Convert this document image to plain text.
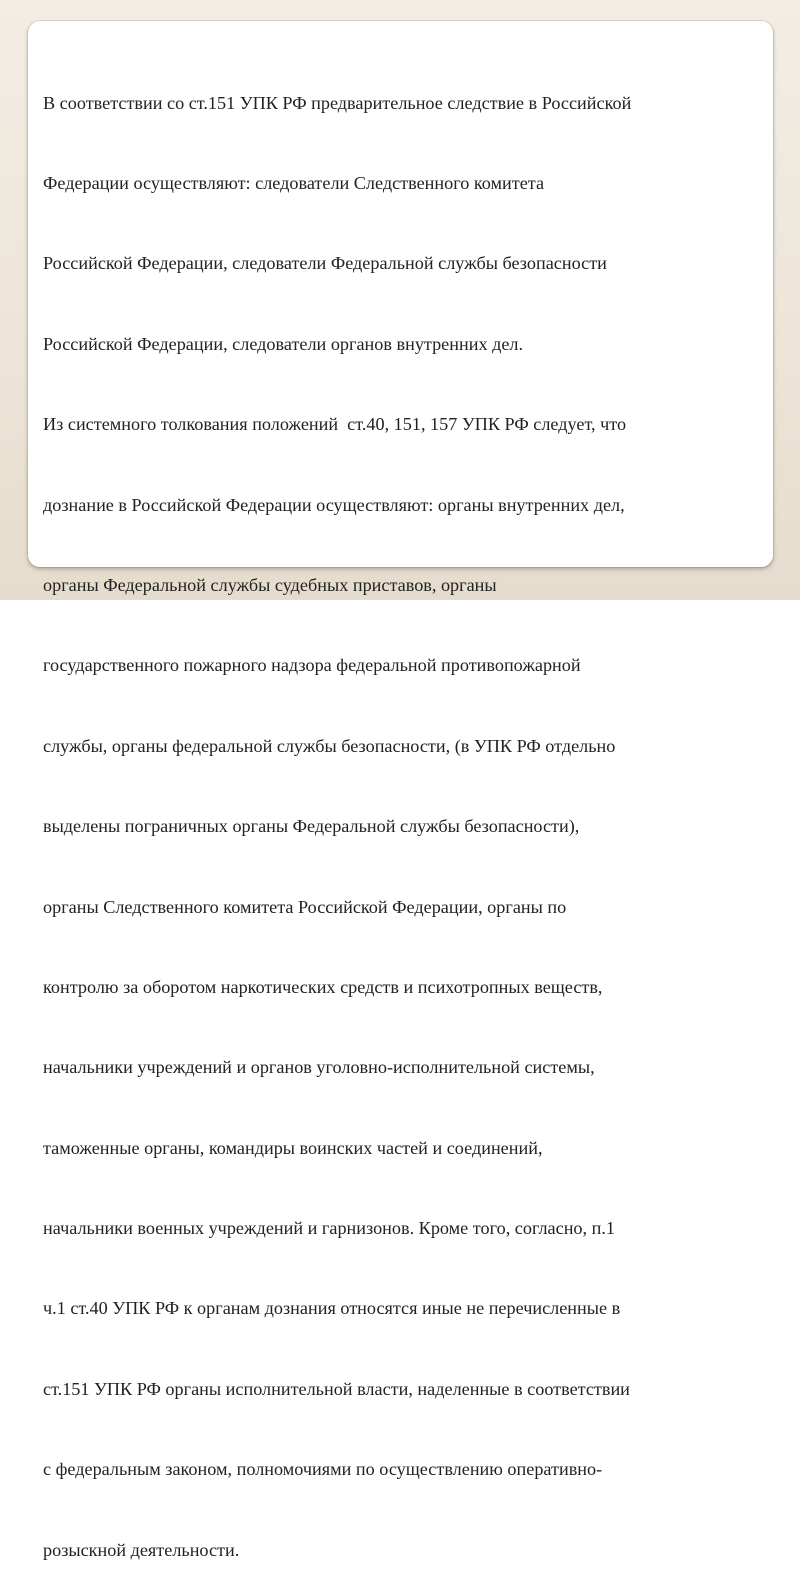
В соответствии со ст.151 УПК РФ предварительное следствие в Российской

Федерации осуществляют: следователи Следственного комитета

Российской Федерации, следователи Федеральной службы безопасности

Российской Федерации, следователи органов внутренних дел.

Из системного толкования положений  ст.40, 151, 157 УПК РФ следует, что

дознание в Российской Федерации осуществляют: органы внутренних дел,

органы Федеральной службы судебных приставов, органы

государственного пожарного надзора федеральной противопожарной

службы, органы федеральной службы безопасности, (в УПК РФ отдельно

выделены пограничных органы Федеральной службы безопасности),

органы Следственного комитета Российской Федерации, органы по

контролю за оборотом наркотических средств и психотропных веществ,

начальники учреждений и органов уголовно-исполнительной системы,

таможенные органы, командиры воинских частей и соединений,

начальники военных учреждений и гарнизонов. Кроме того, согласно, п.1

ч.1 ст.40 УПК РФ к органам дознания относятся иные не перечисленные в

ст.151 УПК РФ органы исполнительной власти, наделенные в соответствии

с федеральным законом, полномочиями по осуществлению оперативно-

розыскной деятельности.
